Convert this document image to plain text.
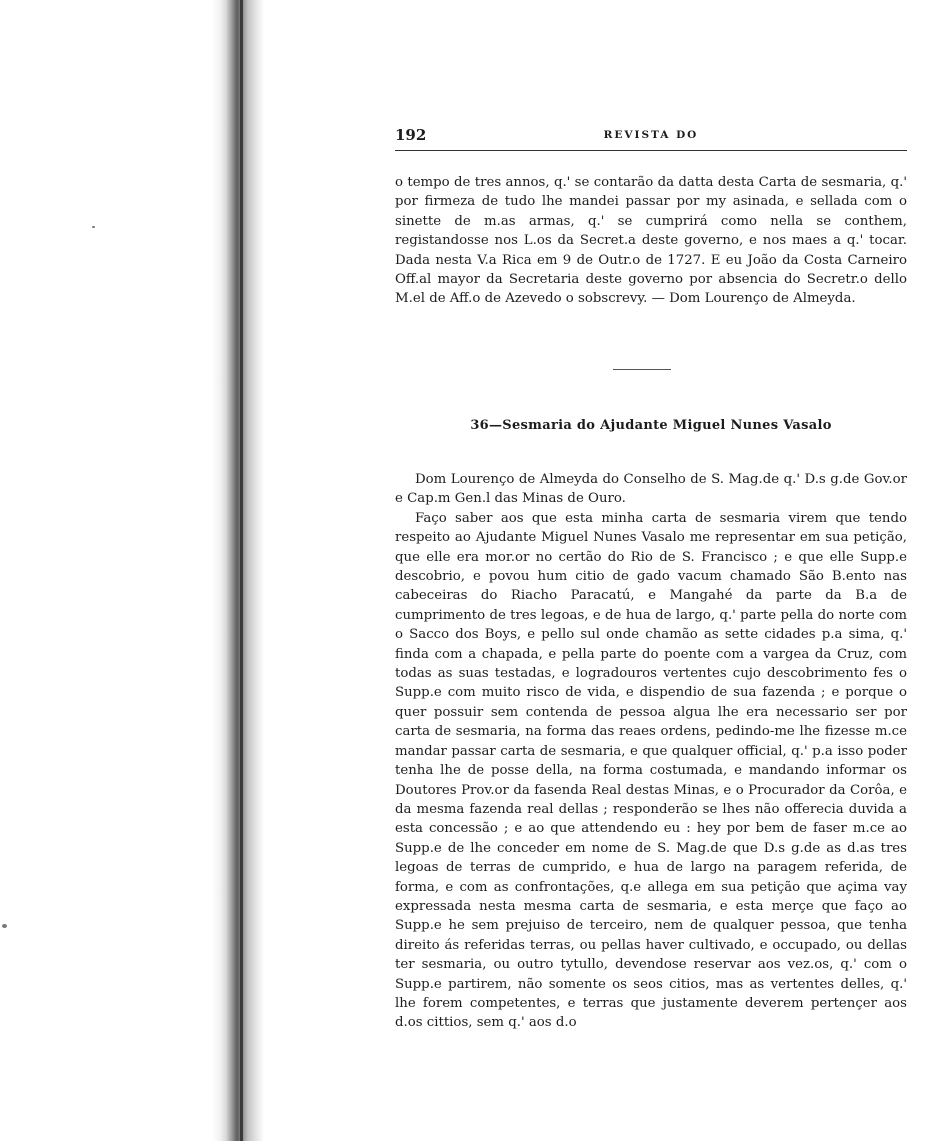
192	REVISTA DO
o tempo de tres annos, q.' se contarão da datta desta Carta de sesmaria, q.' por firmeza de tudo lhe mandei passar por my asinada, e sellada com o sinette de m.as armas, q.' se cumprirá como nella se conthem, registandosse nos L.os da Secret.a deste governo, e nos maes a q.' tocar. Dada nesta V.a Rica em 9 de Outr.o de 1727. E eu João da Costa Carneiro Off.al mayor da Secretaria deste governo por absencia do Secretr.o dello M.el de Aff.o de Azevedo o sobscrevy. — Dom Lourenço de Almeyda.
36—Sesmaria do Ajudante Miguel Nunes Vasalo

Dom Lourenço de Almeyda do Conselho de S. Mag.de q.' D.s g.de Gov.or e Cap.m Gen.l das Minas de Ouro.

Faço saber aos que esta minha carta de sesmaria virem que tendo respeito ao Ajudante Miguel Nunes Vasalo me representar em sua petição, que elle era mor.or no certão do Rio de S. Francisco ; e que elle Supp.e descobrio, e povou hum citio de gado vacum chamado São B.ento nas cabeceiras do Riacho Paracatú, e Mangahé da parte da B.a de cumprimento de tres legoas, e de hua de largo, q.' parte pella do norte com o Sacco dos Boys, e pello sul onde chamão as sette cidades p.a sima, q.' finda com a chapada, e pella parte do poente com a vargea da Cruz, com todas as suas testadas, e logradouros vertentes cujo descobrimento fes o Supp.e com muito risco de vida, e dispendio de sua fazenda ; e porque o quer possuir sem contenda de pessoa algua lhe era necessario ser por carta de sesmaria, na forma das reaes ordens, pedindo-me lhe fizesse m.ce mandar passar carta de sesmaria, e que qualquer official, q.' p.a isso poder tenha lhe de posse della, na forma costumada, e mandando informar os Doutores Prov.or da fasenda Real destas Minas, e o Procurador da Corôa, e da mesma fazenda real dellas ; responderão se lhes não offerecia duvida a esta concessão ; e ao que attendendo eu : hey por bem de faser m.ce ao Supp.e de lhe conceder em nome de S. Mag.de que D.s g.de as d.as tres legoas de terras de cumprido, e hua de largo na paragem referida, de forma, e com as confrontações, q.e allega em sua petição que açima vay expressada nesta mesma carta de sesmaria, e esta merçe que faço ao Supp.e he sem prejuiso de terceiro, nem de qualquer pessoa, que tenha direito ás referidas terras, ou pellas haver cultivado, e occupado, ou dellas ter sesmaria, ou outro tytullo, devendose reservar aos vez.os, q.' com o Supp.e partirem, não somente os seos citios, mas as vertentes delles, q.' lhe forem competentes, e terras que justamente deverem pertençer aos d.os cittios, sem q.' aos d.o
